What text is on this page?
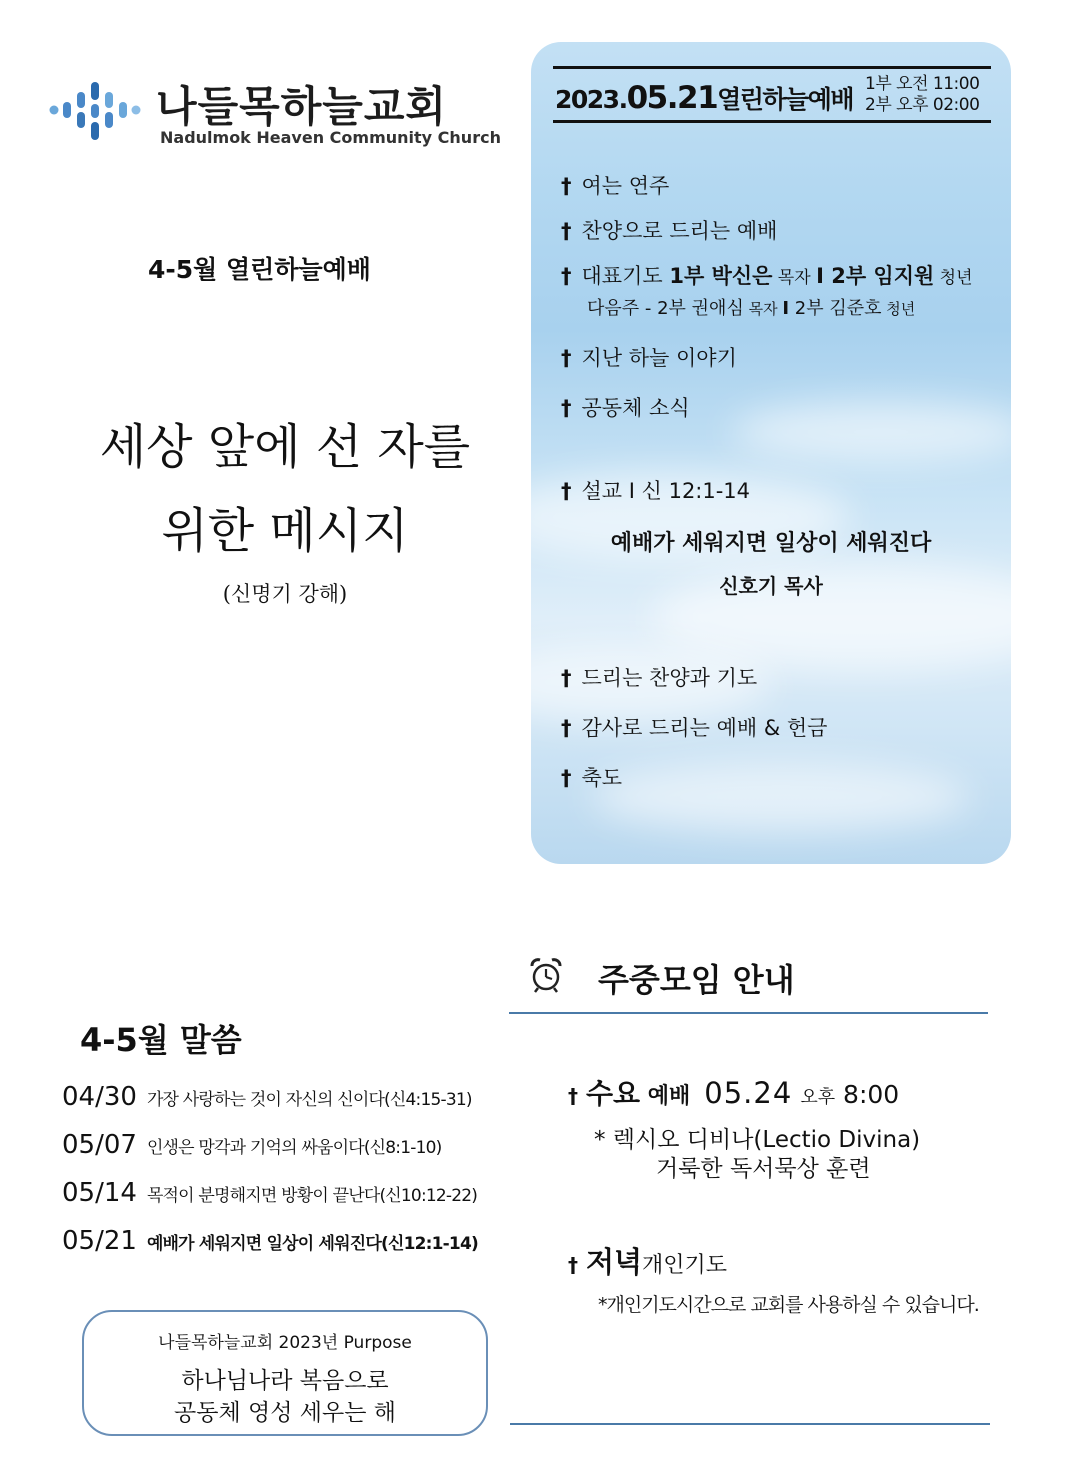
나들목하늘교회
Nadulmok Heaven Community Church
4-5월 열린하늘예배
세상 앞에 선 자를
위한 메시지
(신명기 강해)
2023.05.21열린하늘예배
1부 오전 11:00
2부 오후 02:00
† 여는 연주
† 찬양으로 드리는 예배
† 대표기도 1부 박신은 목자 I 2부 임지원 청년
다음주 - 2부 권애심 목자 I 2부 김준호 청년
† 지난 하늘 이야기
† 공동체 소식
† 설교 I 신 12:1-14
예배가 세워지면 일상이 세워진다
신호기 목사
† 드리는 찬양과 기도
† 감사로 드리는 예배 & 헌금
† 축도
주중모임 안내
† 수요 예배 05.24 오후 8:00
* 렉시오 디비나(Lectio Divina)
거룩한 독서묵상 훈련
† 저녁개인기도
*개인기도시간으로 교회를 사용하실 수 있습니다.
4-5월 말씀
04/30 가장 사랑하는 것이 자신의 신이다(신4:15-31)
05/07 인생은 망각과 기억의 싸움이다(신8:1-10)
05/14 목적이 분명해지면 방황이 끝난다(신10:12-22)
05/21 예배가 세워지면 일상이 세워진다(신12:1-14)
나들목하늘교회 2023년 Purpose
하나님나라 복음으로
공동체 영성 세우는 해
